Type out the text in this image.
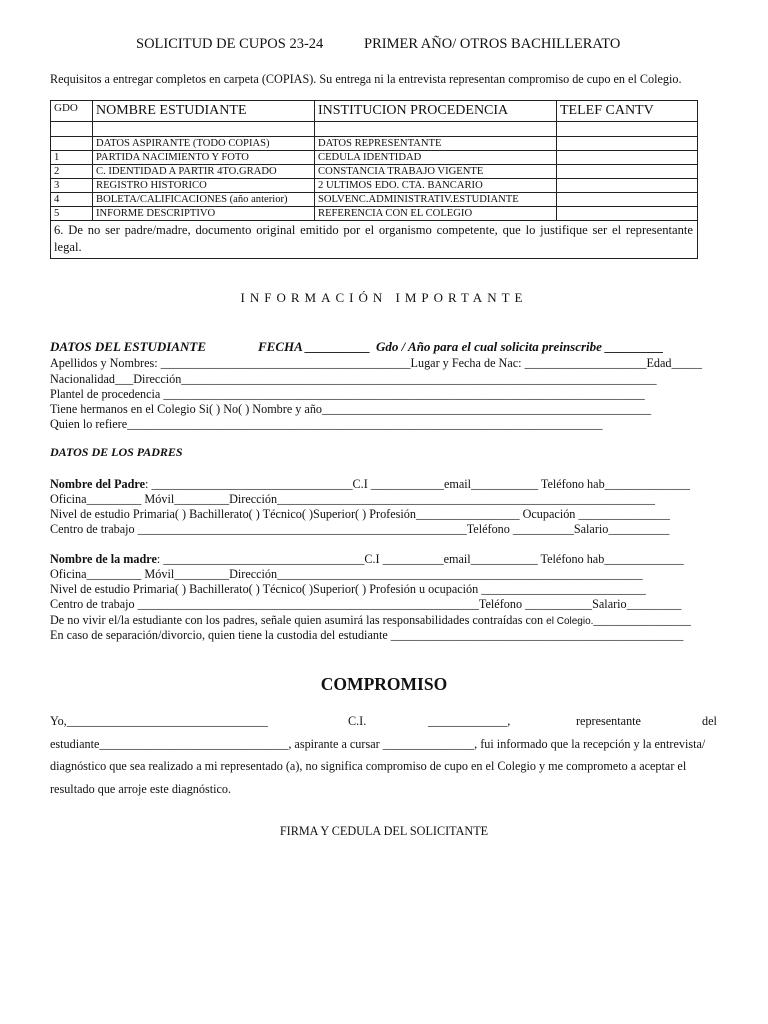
SOLICITUD DE CUPOS 23-24	PRIMER AÑO/ OTROS BACHILLERATO
Requisitos a entregar completos en carpeta (COPIAS). Su entrega ni la entrevista representan compromiso de cupo en el Colegio.
GDO	NOMBRE ESTUDIANTE	INSTITUCION PROCEDENCIA	TELEF CANTV

	DATOS ASPIRANTE (TODO COPIAS)	DATOS REPRESENTANTE	
1	PARTIDA NACIMIENTO Y FOTO	CEDULA IDENTIDAD	
2	C. IDENTIDAD A PARTIR 4TO.GRADO	CONSTANCIA TRABAJO VIGENTE	
3	REGISTRO HISTORICO	2 ULTIMOS EDO. CTA. BANCARIO	
4	BOLETA/CALIFICACIONES (año anterior)	SOLVENC.ADMINISTRATIV.ESTUDIANTE	
5	INFORME DESCRIPTIVO	REFERENCIA CON EL COLEGIO	
6. De no ser padre/madre, documento original emitido por el organismo competente, que lo justifique ser el representante legal.			
INFORMACIÓN IMPORTANTE
DATOS DEL ESTUDIANTE	FECHA __________ Gdo / Año para el cual solicita preinscribe _________
Apellidos y Nombres: _________________________________________Lugar y Fecha de Nac: ____________________Edad_____
Nacionalidad___Dirección______________________________________________________________________________
Plantel de procedencia _______________________________________________________________________________
Tiene hermanos en el Colegio Si( ) No( ) Nombre y año______________________________________________________
Quien lo refiere______________________________________________________________________________
DATOS DE LOS PADRES
Nombre del Padre: _________________________________C.I ____________email___________ Teléfono hab______________
Oficina_________ Móvil_________Dirección______________________________________________________________
Nivel de estudio Primaria( ) Bachillerato( ) Técnico( )Superior( ) Profesión_________________ Ocupación _______________
Centro de trabajo ______________________________________________________Teléfono __________Salario__________
Nombre de la madre: _________________________________C.I __________email___________ Teléfono hab_____________
Oficina_________ Móvil_________Dirección____________________________________________________________
Nivel de estudio Primaria( ) Bachillerato( ) Técnico( )Superior( ) Profesión u ocupación ___________________________
Centro de trabajo ________________________________________________________Teléfono ___________Salario_________
De no vivir el/la estudiante con los padres, señale quien asumirá las responsabilidades contraídas con el Colegio.________________
En caso de separación/divorcio, quien tiene la custodia del estudiante ________________________________________________
COMPROMISO
Yo,_________________________________	C.I.	_____________,	representante	del
estudiante_______________________________, aspirante a cursar _______________, fui informado que la recepción y la entrevista/
diagnóstico que sea realizado a mi representado (a), no significa compromiso de cupo en el Colegio y me comprometo a aceptar el
resultado que arroje este diagnóstico.
FIRMA Y CEDULA DEL SOLICITANTE
